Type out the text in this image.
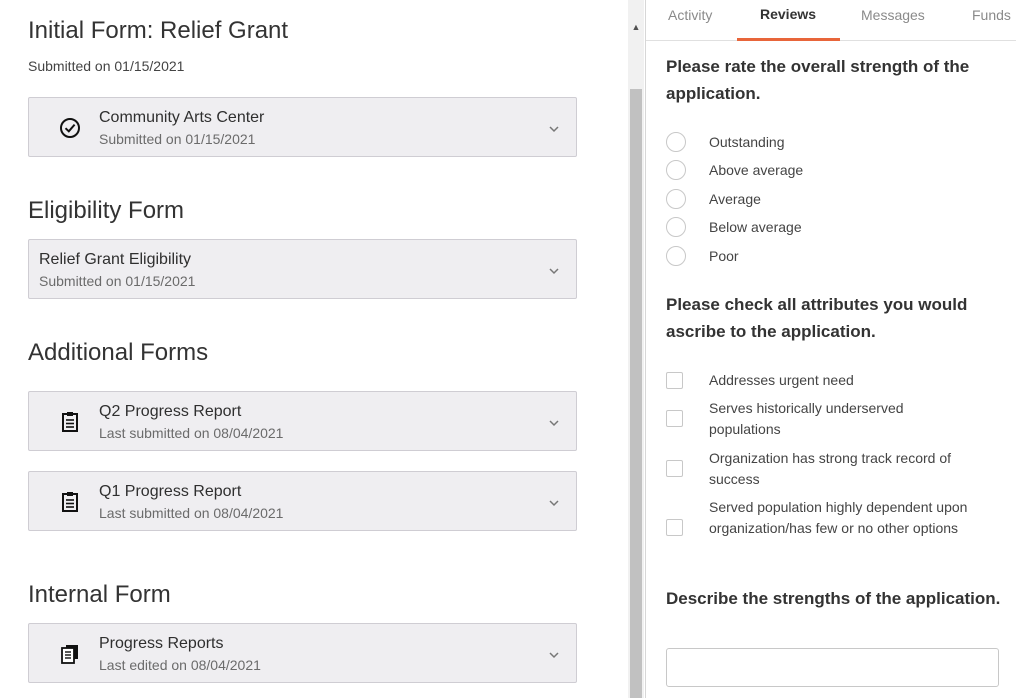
Initial Form: Relief Grant
Submitted on 01/15/2021
Community Arts Center
Submitted on 01/15/2021
Eligibility Form
Relief Grant Eligibility
Submitted on 01/15/2021
Additional Forms
Q2 Progress Report
Last submitted on 08/04/2021
Q1 Progress Report
Last submitted on 08/04/2021
Internal Form
Progress Reports
Last edited on 08/04/2021
▲
Activity	Reviews	Messages	Funds
Please rate the overall strength of the application.
Outstanding
Above average
Average
Below average
Poor
Please check all attributes you would ascribe to the application.
Addresses urgent need
Serves historically underserved populations
Organization has strong track record of success
Served population highly dependent upon organization/has few or no other options
Describe the strengths of the application.
